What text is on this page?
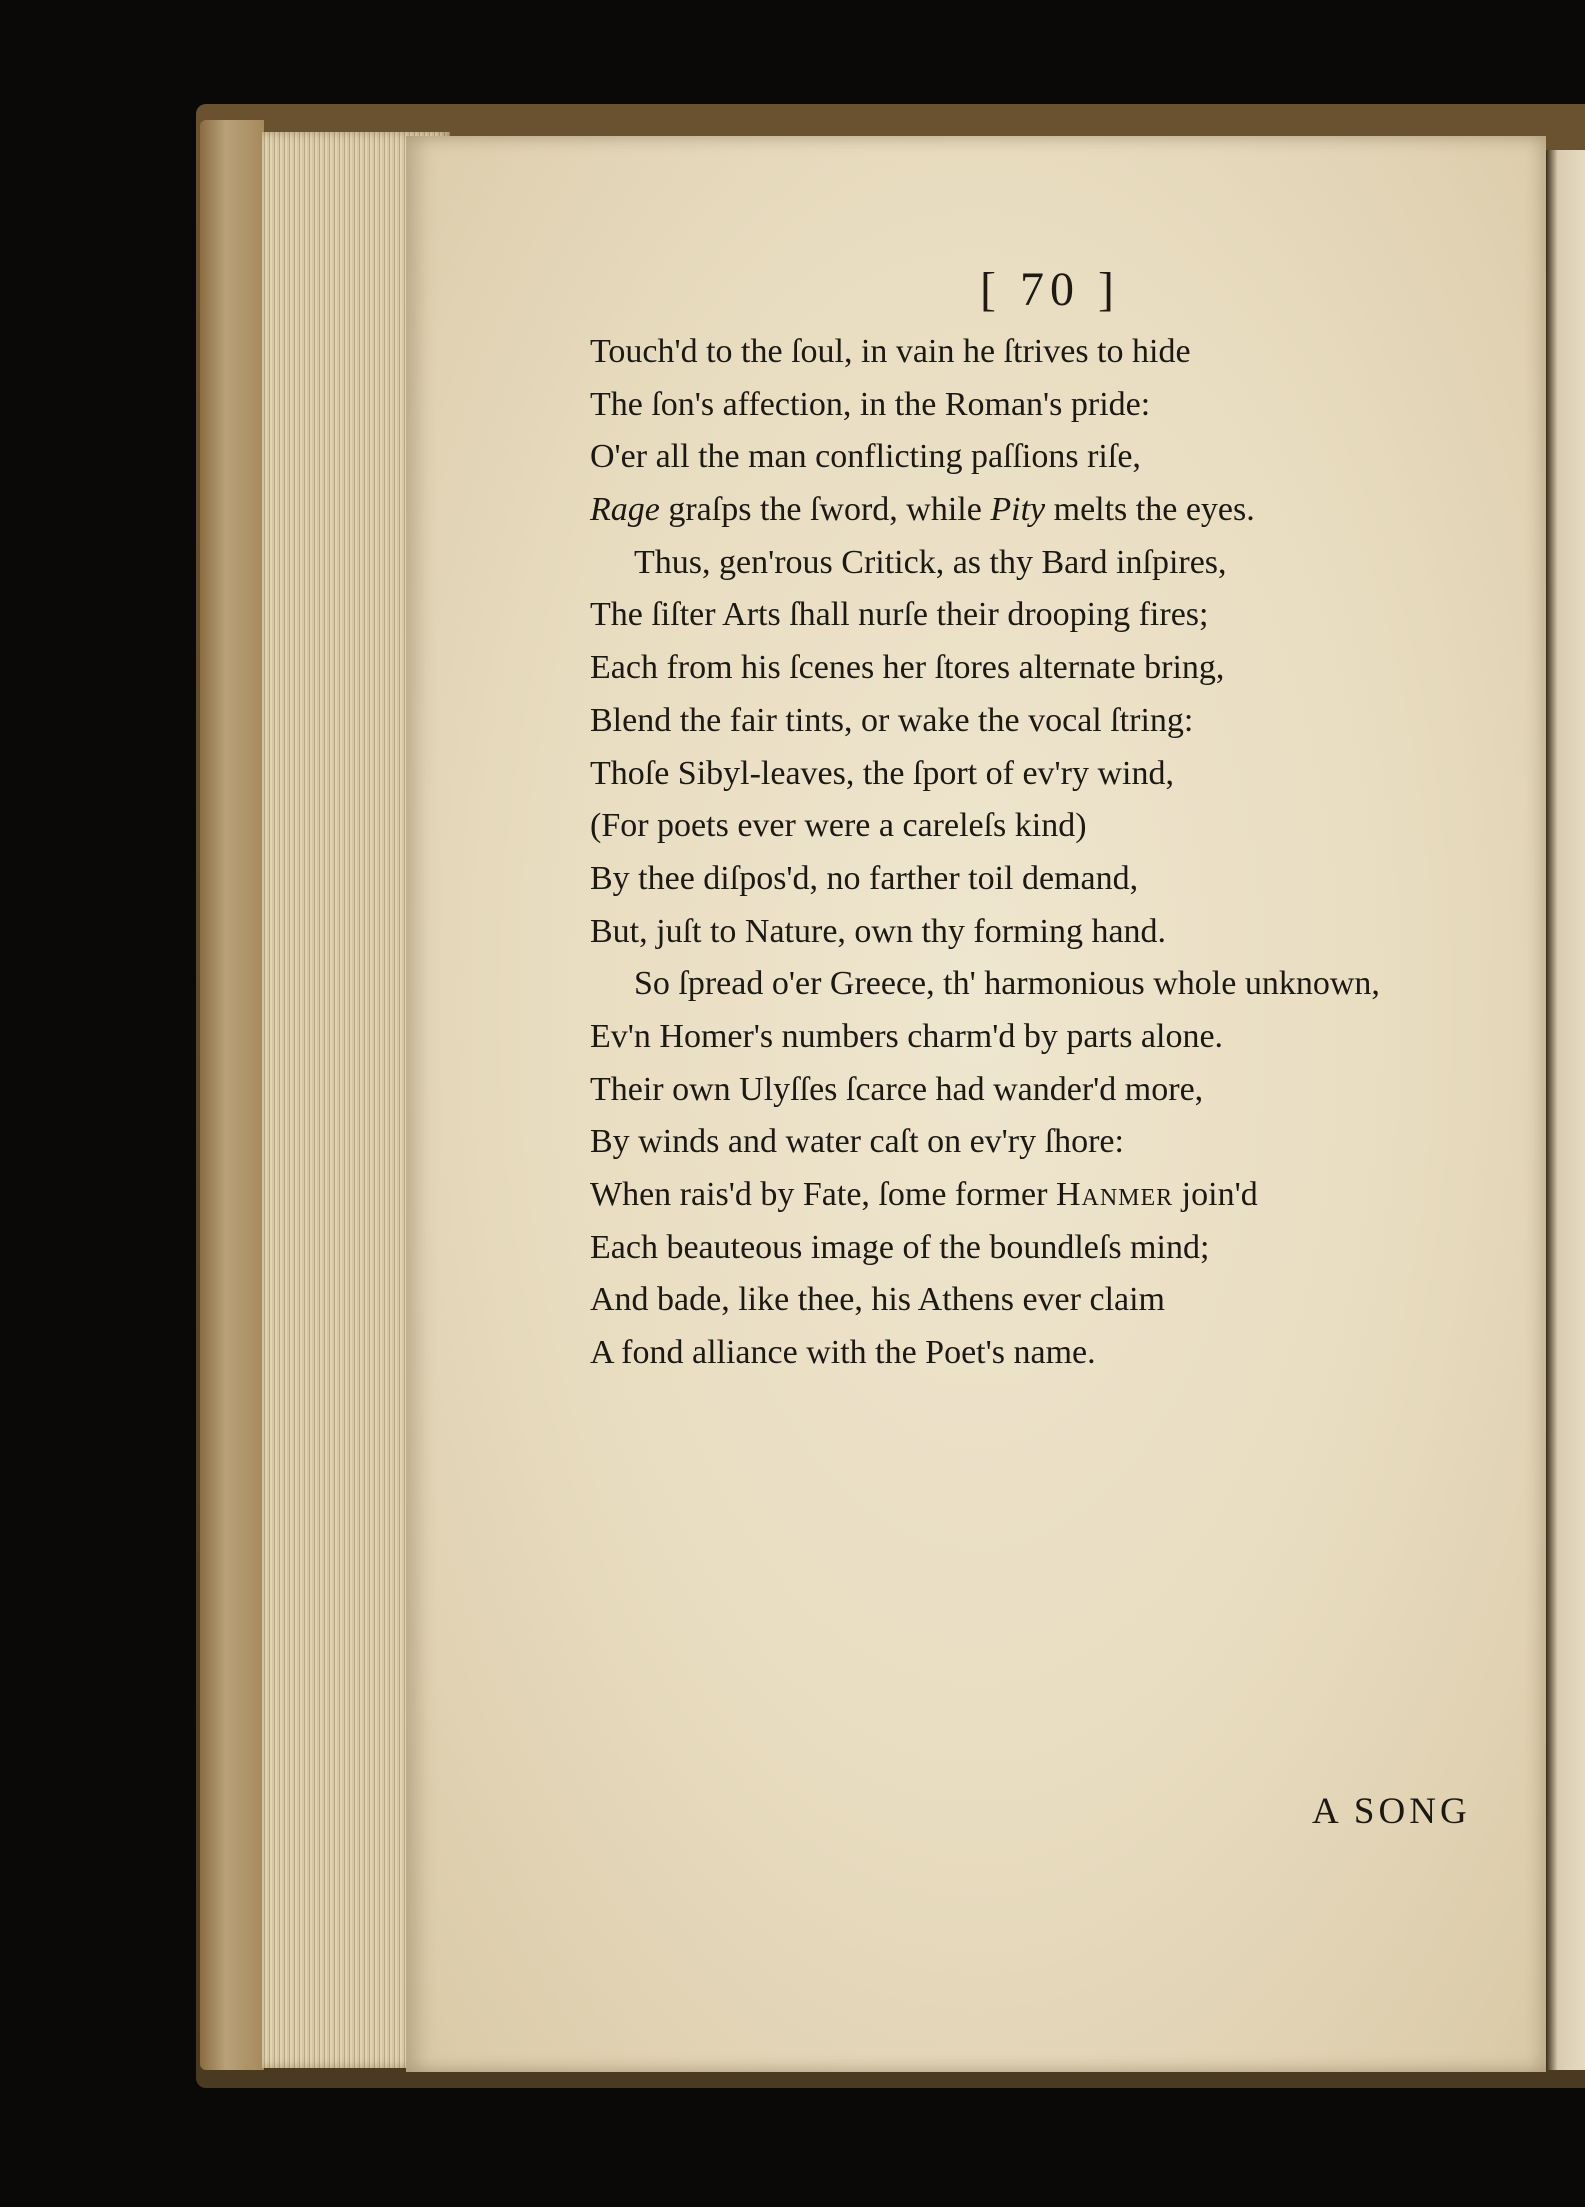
[ 70 ]
Touch'd to the ſoul, in vain he ſtrives to hide
The ſon's affection, in the Roman's pride:
O'er all the man conflicting paſſions riſe,
Rage graſps the ſword, while Pity melts the eyes.
Thus, gen'rous Critick, as thy Bard inſpires,
The ſiſter Arts ſhall nurſe their drooping fires;
Each from his ſcenes her ſtores alternate bring,
Blend the fair tints, or wake the vocal ſtring:
Thoſe Sibyl-leaves, the ſport of ev'ry wind,
(For poets ever were a careleſs kind)
By thee diſpos'd, no farther toil demand,
But, juſt to Nature, own thy forming hand.
So ſpread o'er Greece, th' harmonious whole unknown,
Ev'n Homer's numbers charm'd by parts alone.
Their own Ulyſſes ſcarce had wander'd more,
By winds and water caſt on ev'ry ſhore:
When rais'd by Fate, ſome former Hanmer join'd
Each beauteous image of the boundleſs mind;
And bade, like thee, his Athens ever claim
A fond alliance with the Poet's name.
A SONG
